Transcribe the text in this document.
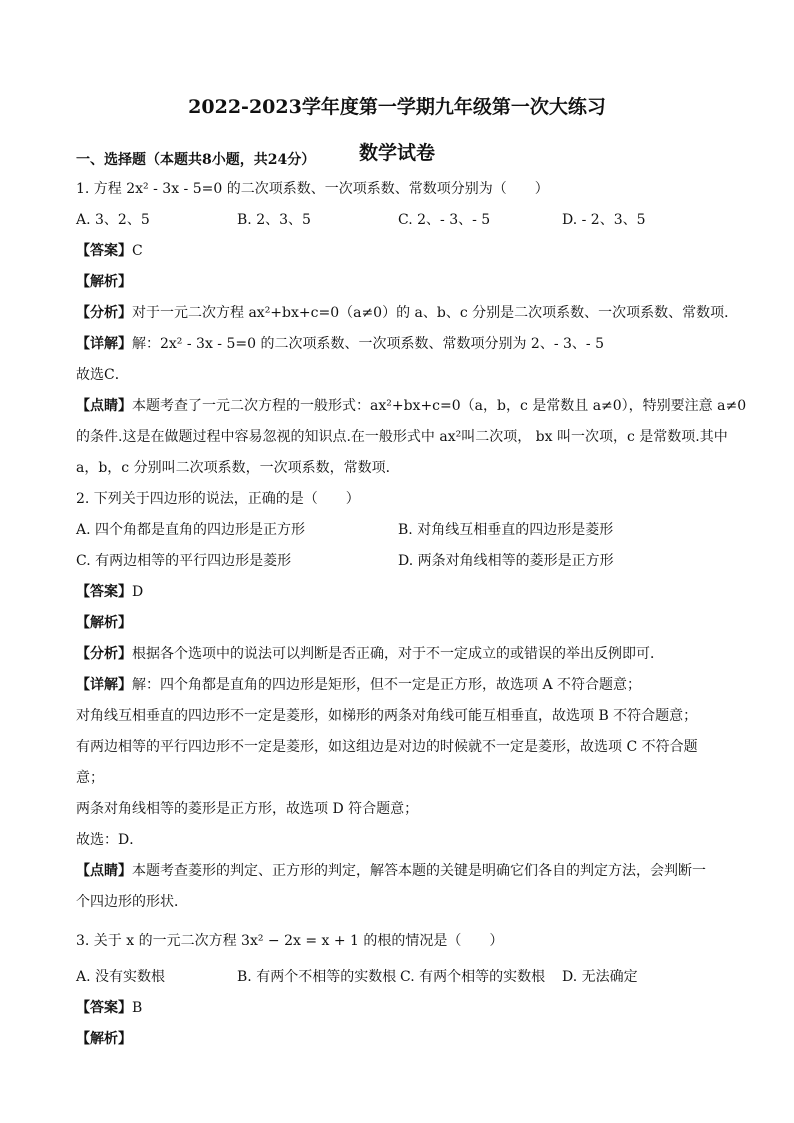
2022-2023学年度第一学期九年级第一次大练习
数学试卷
一、选择题（本题共8小题，共24分）
1. 方程 2x² - 3x - 5=0 的二次项系数、一次项系数、常数项分别为（　　）
A. 3、2、5	B. 2、3、5	C. 2、- 3、- 5	D. - 2、3、5
【答案】C
【解析】
【分析】对于一元二次方程 ax²+bx+c=0（a≠0）的 a、b、c 分别是二次项系数、一次项系数、常数项．
【详解】解：2x² - 3x - 5=0 的二次项系数、一次项系数、常数项分别为 2、- 3、- 5
故选C．
【点睛】本题考查了一元二次方程的一般形式：ax²+bx+c=0（a，b，c 是常数且 a≠0），特别要注意 a≠0
的条件.这是在做题过程中容易忽视的知识点.在一般形式中 ax²叫二次项， bx 叫一次项，c 是常数项.其中
a，b，c 分别叫二次项系数，一次项系数，常数项．
2. 下列关于四边形的说法，正确的是（　　）
A. 四个角都是直角的四边形是正方形	B. 对角线互相垂直的四边形是菱形
C. 有两边相等的平行四边形是菱形	D. 两条对角线相等的菱形是正方形
【答案】D
【解析】
【分析】根据各个选项中的说法可以判断是否正确，对于不一定成立的或错误的举出反例即可．
【详解】解：四个角都是直角的四边形是矩形，但不一定是正方形，故选项 A 不符合题意；
对角线互相垂直的四边形不一定是菱形，如梯形的两条对角线可能互相垂直，故选项 B 不符合题意；
有两边相等的平行四边形不一定是菱形，如这组边是对边的时候就不一定是菱形，故选项 C 不符合题
意；
两条对角线相等的菱形是正方形，故选项 D 符合题意；
故选：D．
【点睛】本题考查菱形的判定、正方形的判定，解答本题的关键是明确它们各自的判定方法，会判断一
个四边形的形状．
3. 关于 x 的一元二次方程 3x² − 2x = x + 1 的根的情况是（　　）
A. 没有实数根	B. 有两个不相等的实数根 C. 有两个相等的实数根 D. 无法确定
【答案】B
【解析】
